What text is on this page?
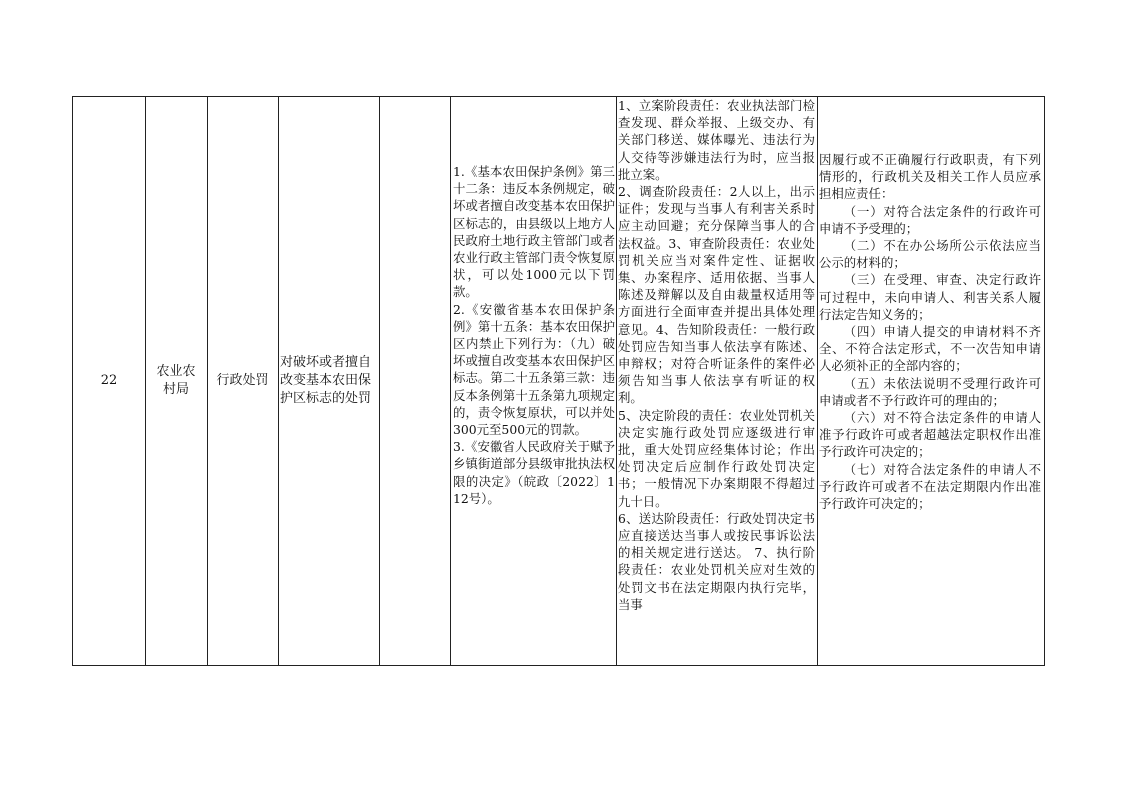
22
农业农村局
行政处罚
对破坏或者擅自改变基本农田保护区标志的处罚
1.《基本农田保护条例》第三十二条：违反本条例规定，破坏或者擅自改变基本农田保护区标志的，由县级以上地方人民政府土地行政主管部门或者农业行政主管部门责令恢复原状，可以处1000元以下罚款。
2.《安徽省基本农田保护条例》第十五条：基本农田保护区内禁止下列行为：（九）破坏或擅自改变基本农田保护区标志。第二十五条第三款：违反本条例第十五条第九项规定的，责令恢复原状，可以并处300元至500元的罚款。
3.《安徽省人民政府关于赋予乡镇街道部分县级审批执法权限的决定》（皖政〔2022〕112号）。
1、立案阶段责任：农业执法部门检查发现、群众举报、上级交办、有关部门移送、媒体曝光、违法行为人交待等涉嫌违法行为时，应当报批立案。
2、调查阶段责任：2人以上，出示证件；发现与当事人有利害关系时应主动回避；充分保障当事人的合法权益。3、审查阶段责任：农业处罚机关应当对案件定性、证据收集、办案程序、适用依据、当事人陈述及辩解以及自由裁量权适用等方面进行全面审查并提出具体处理意见。4、告知阶段责任：一般行政处罚应告知当事人依法享有陈述、申辩权；对符合听证条件的案件必须告知当事人依法享有听证的权利。
5、决定阶段的责任：农业处罚机关决定实施行政处罚应逐级进行审批，重大处罚应经集体讨论；作出处罚决定后应制作行政处罚决定书；一般情况下办案期限不得超过九十日。
6、送达阶段责任：行政处罚决定书应直接送达当事人或按民事诉讼法的相关规定进行送达。 7、执行阶段责任：农业处罚机关应对生效的处罚文书在法定期限内执行完毕，当事

因履行或不正确履行行政职责，有下列情形的，行政机关及相关工作人员应承担相应责任：

（一）对符合法定条件的行政许可申请不予受理的；

（二）不在办公场所公示依法应当公示的材料的；

（三）在受理、审查、决定行政许可过程中，未向申请人、利害关系人履行法定告知义务的；

（四）申请人提交的申请材料不齐全、不符合法定形式，不一次告知申请人必须补正的全部内容的；

（五）未依法说明不受理行政许可申请或者不予行政许可的理由的；

（六）对不符合法定条件的申请人准予行政许可或者超越法定职权作出准予行政许可决定的；

（七）对符合法定条件的申请人不予行政许可或者不在法定期限内作出准予行政许可决定的；
